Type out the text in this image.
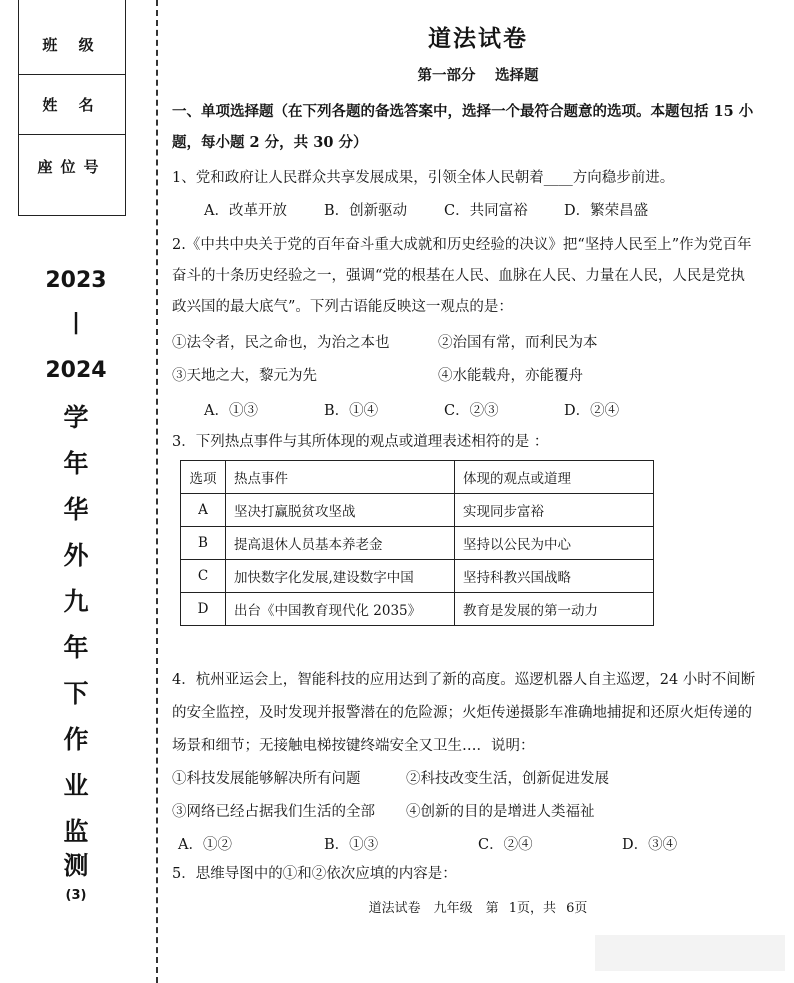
班 级
姓 名
座位号
2023
|
2024
学
年
华
外
九
年
下
作
业
监
测
(3)
道法试卷
第一部分　 选择题
一、单项选择题（在下列各题的备选答案中，选择一个最符合题意的选项。本题包括 15 小
题，每小题 2 分，共 30 分）
1、党和政府让人民群众共享发展成果，引领全体人民朝着____方向稳步前进。
A．改革开放	B．创新驱动	C．共同富裕	D．繁荣昌盛
2.《中共中央关于党的百年奋斗重大成就和历史经验的决议》把“坚持人民至上”作为党百年
奋斗的十条历史经验之一，强调“党的根基在人民、血脉在人民、力量在人民，人民是党执
政兴国的最大底气”。下列古语能反映这一观点的是：
①法令者，民之命也，为治之本也	②治国有常，而利民为本
③天地之大，黎元为先	④水能载舟，亦能覆舟
A．①③	B．①④	C．②③	D．②④
3．下列热点事件与其所体现的观点或道理表述相符的是 ：
选项	热点事件	体现的观点或道理
A	坚决打赢脱贫攻坚战	实现同步富裕
B	提高退休人员基本养老金	坚持以公民为中心
C	加快数字化发展,建设数字中国	坚持科教兴国战略
D	出台《中国教育现代化 2035》	教育是发展的第一动力
4．杭州亚运会上，智能科技的应用达到了新的高度。巡逻机器人自主巡逻，24 小时不间断
的安全监控，及时发现并报警潜在的危险源；火炬传递摄影车准确地捕捉和还原火炬传递的
场景和细节；无接触电梯按键终端安全又卫生…．说明：
①科技发展能够解决所有问题	②科技改变生活，创新促进发展
③网络已经占据我们生活的全部 ④创新的目的是增进人类福祉
A．①②	B．①③	C．②④	D．③④
5．思维导图中的①和②依次应填的内容是：
道法试卷　九年级　第 1页，共 6页
